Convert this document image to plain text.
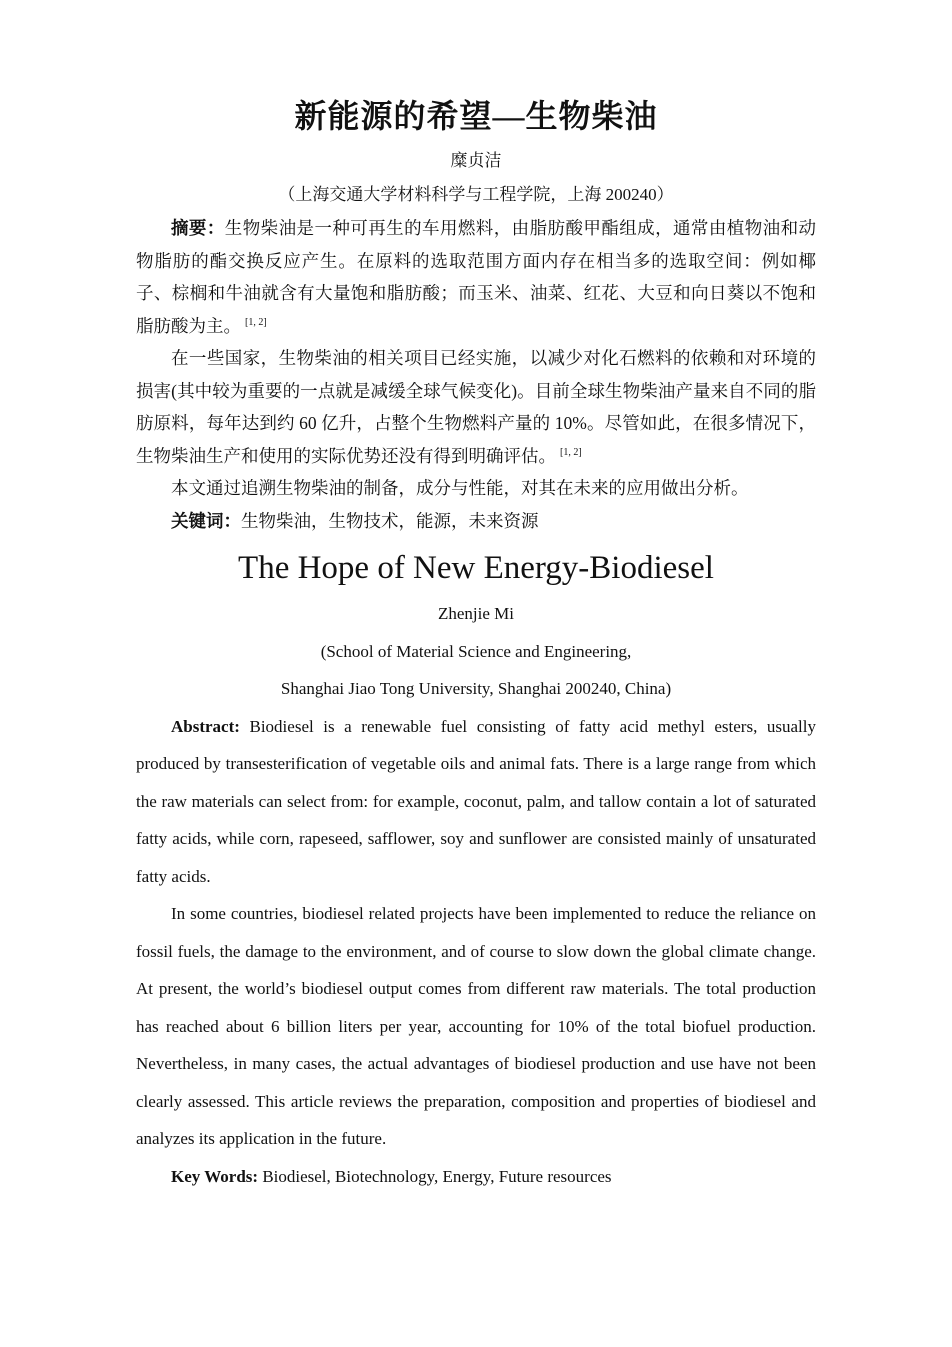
新能源的希望—生物柴油
糜贞洁
（上海交通大学材料科学与工程学院，上海 200240）

摘要：生物柴油是一种可再生的车用燃料，由脂肪酸甲酯组成，通常由植物油和动物脂肪的酯交换反应产生。在原料的选取范围方面内存在相当多的选取空间：例如椰子、棕榈和牛油就含有大量饱和脂肪酸；而玉米、油菜、红花、大豆和向日葵以不饱和脂肪酸为主。 [1, 2]

在一些国家，生物柴油的相关项目已经实施，以减少对化石燃料的依赖和对环境的损害(其中较为重要的一点就是减缓全球气候变化)。目前全球生物柴油产量来自不同的脂肪原料，每年达到约 60 亿升，占整个生物燃料产量的 10%。尽管如此，在很多情况下，生物柴油生产和使用的实际优势还没有得到明确评估。 [1, 2]

本文通过追溯生物柴油的制备，成分与性能，对其在未来的应用做出分析。

关键词：生物柴油，生物技术，能源，未来资源

The Hope of New Energy-Biodiesel
Zhenjie Mi
(School of Material Science and Engineering,
Shanghai Jiao Tong University, Shanghai 200240, China)

Abstract: Biodiesel is a renewable fuel consisting of fatty acid methyl esters, usually produced by transesterification of vegetable oils and animal fats. There is a large range from which the raw materials can select from: for example, coconut, palm, and tallow contain a lot of saturated fatty acids, while corn, rapeseed, safflower, soy and sunflower are consisted mainly of unsaturated fatty acids.

In some countries, biodiesel related projects have been implemented to reduce the reliance on fossil fuels, the damage to the environment, and of course to slow down the global climate change. At present, the world’s biodiesel output comes from different raw materials. The total production has reached about 6 billion liters per year, accounting for 10% of the total biofuel production. Nevertheless, in many cases, the actual advantages of biodiesel production and use have not been clearly assessed. This article reviews the preparation, composition and properties of biodiesel and analyzes its application in the future.

Key Words: Biodiesel, Biotechnology, Energy, Future resources
